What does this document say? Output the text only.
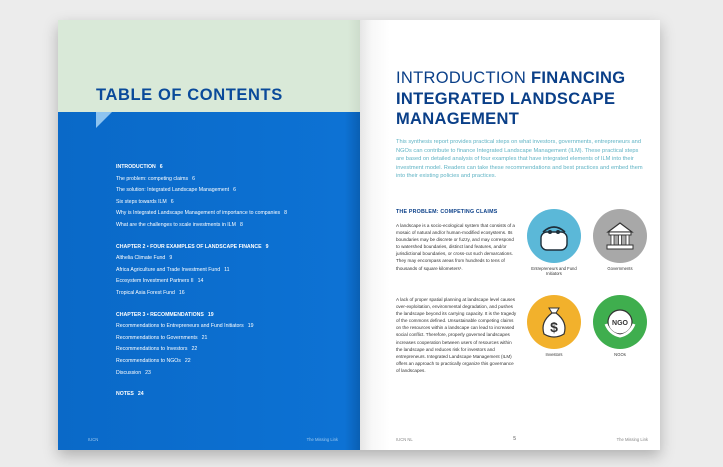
TABLE OF CONTENTS
INTRODUCTION 6
The problem: competing claims 6
The solution: Integrated Landscape Management 6
Six steps towards ILM 6
Why is Integrated Landscape Management of importance to companies 8
What are the challenges to scale investments in ILM 8
CHAPTER 2 • FOUR EXAMPLES OF LANDSCAPE FINANCE 9
Althelia Climate Fund 9
Africa Agriculture and Trade Investment Fund 11
Ecosystem Investment Partners II 14
Tropical Asia Forest Fund 16
CHAPTER 3 • RECOMMENDATIONS 19
Recommendations to Entrepreneurs and Fund Initiators 19
Recommendations to Governments 21
Recommendations to Investors 22
Recommendations to NGOs 22
Discussion 23
NOTES 24
IUCN	The Missing Link
INTRODUCTION FINANCING INTEGRATED LANDSCAPE MANAGEMENT
This synthesis report provides practical steps on what investors, governments, entrepreneurs and NGOs can contribute to finance Integrated Landscape Management (ILM). These practical steps are based on detailed analysis of four examples that have integrated elements of ILM into their investment model. Readers can take these recommendations and best practices and embed them into their existing policies and practices.
THE PROBLEM: COMPETING CLAIMS
A landscape is a socio-ecological system that consists of a mosaic of natural and/or human-modified ecosystems. Its boundaries may be discrete or fuzzy, and may correspond to watershed boundaries, distinct land features, and/or jurisdictional boundaries, or cross-cut such demarcations. They may encompass areas from hundreds to tens of thousands of square kilometers¹.
A lack of proper spatial planning at landscape level causes over-exploitation, environmental degradation, and pushes the landscape beyond its carrying capacity. It is the tragedy of the commons defined. Unsustainable competing claims on the resources within a landscape can lead to increased social conflict. Therefore, properly governed landscapes increases cooperation between users of resources within the landscape and reduces risk for investors and entrepreneurs. Integrated Landscape Management (ILM) offers an approach to practically organize this governance of landscapes.
Entrepreneurs and Fund Initiators
Governments
$
Investors
NGO
NGOs
IUCN NL	5	The Missing Link
